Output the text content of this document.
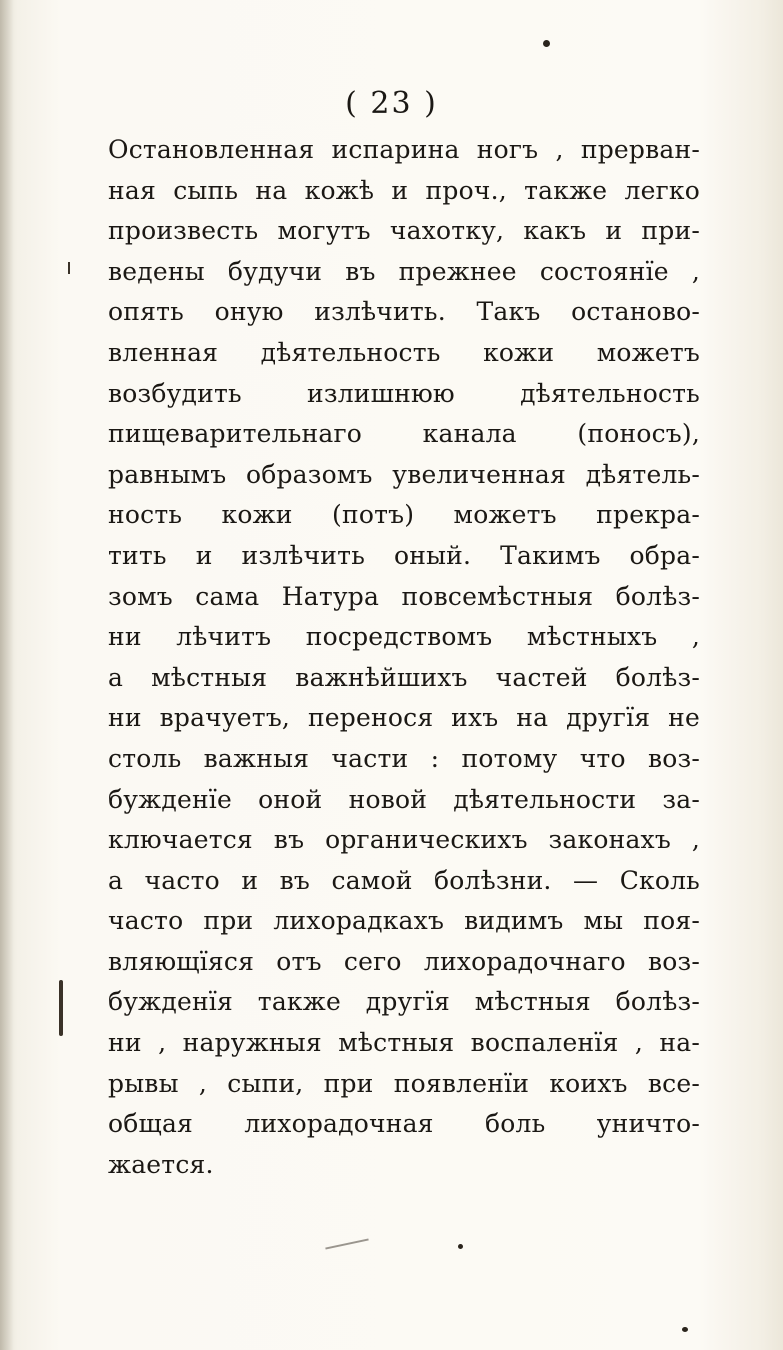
( 23 )
Остановленная испарина ногъ , прерван-
ная сыпь на кожѣ и проч., также легко
произвесть могутъ чахотку, какъ и при-
ведены будучи въ прежнее состоянїе ,
опять оную излѣчить. Такъ останово-
вленная дѣятельность кожи можетъ
возбудить излишнюю дѣятельность
пищеварительнаго канала (поносъ),
равнымъ образомъ увеличенная дѣятель-
ность кожи (потъ) можетъ прекра-
тить и излѣчить оный. Такимъ обра-
зомъ сама Натура повсемѣстныя болѣз-
ни лѣчитъ посредствомъ мѣстныхъ ,
а мѣстныя важнѣйшихъ частей болѣз-
ни врачуетъ, перенося ихъ на другїя не
столь важныя части : потому что воз-
бужденїе оной новой дѣятельности за-
ключается въ органическихъ законахъ ,
а часто и въ самой болѣзни. — Сколь
часто при лихорадкахъ видимъ мы поя-
вляющїяся отъ сего лихорадочнаго воз-
бужденїя также другїя мѣстныя болѣз-
ни , наружныя мѣстныя воспаленїя , на-
рывы , сыпи, при появленїи коихъ все-
общая лихорадочная боль уничто-
жается.
